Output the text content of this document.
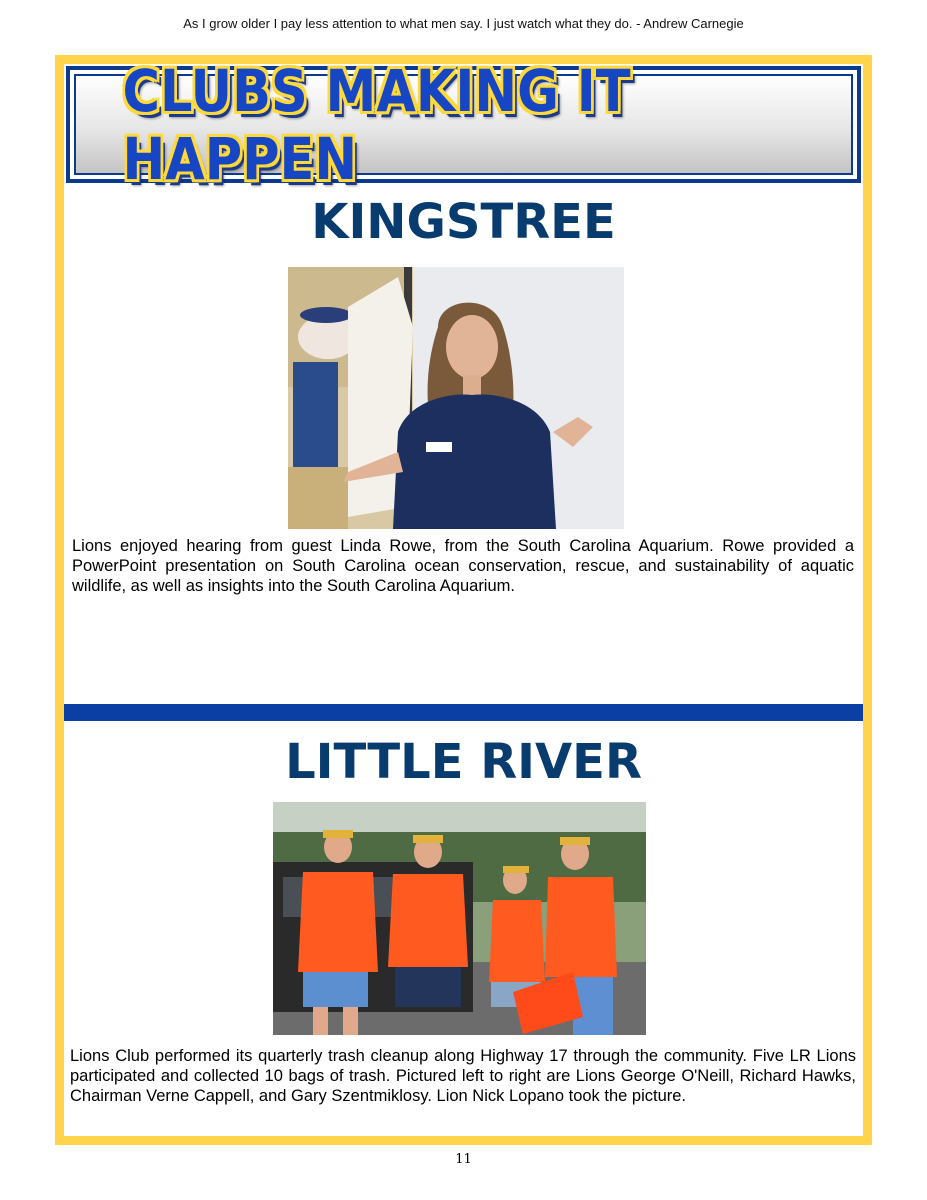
As I grow older I pay less attention to what men say. I just watch what they do. - Andrew Carnegie
CLUBS MAKING IT HAPPEN
KINGSTREE
Lions enjoyed hearing from guest Linda Rowe, from the South Carolina Aquarium. Rowe provided a PowerPoint presentation on South Carolina ocean conservation, rescue, and sustainability of aquatic wildlife, as well as insights into the South Carolina Aquarium.
LITTLE RIVER
Lions Club performed its quarterly trash cleanup along Highway 17 through the community. Five LR Lions participated and collected 10 bags of trash. Pictured left to right are Lions George O'Neill, Richard Hawks, Chairman Verne Cappell, and Gary Szentmiklosy. Lion Nick Lopano took the picture.
11
